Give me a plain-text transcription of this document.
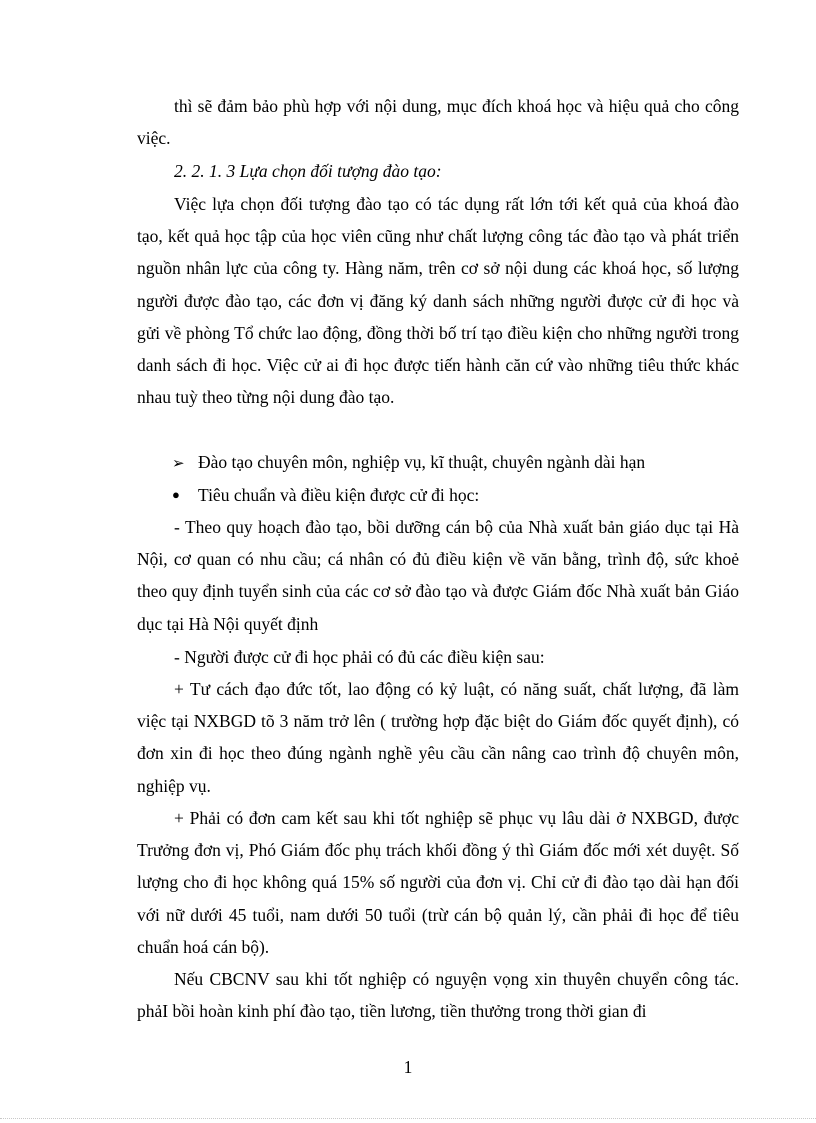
thì sẽ đảm bảo phù hợp với nội dung, mục đích khoá học và hiệu quả cho công việc.

2. 2. 1. 3 Lựa chọn đối tượng đào tạo:

Việc lựa chọn đối tượng đào tạo có tác dụng rất lớn tới kết quả của khoá đào tạo, kết quả học tập của học viên cũng như chất lượng công tác đào tạo và phát triển nguồn nhân lực của công ty. Hàng năm, trên cơ sở nội dung các khoá học, số lượng người được đào tạo, các đơn vị đăng ký danh sách những người được cử đi học và gửi về phòng Tổ chức lao động, đồng thời bố trí tạo điều kiện cho những người trong danh sách đi học. Việc cử ai đi học được tiến hành căn cứ vào những tiêu thức khác nhau tuỳ theo từng nội dung đào tạo.

➢ Đào tạo chuyên môn, nghiệp vụ, kĩ thuật, chuyên ngành dài hạn
● Tiêu chuẩn và điều kiện được cử đi học:

- Theo quy hoạch đào tạo, bồi dưỡng cán bộ của Nhà xuất bản giáo dục tại Hà Nội, cơ quan có nhu cầu; cá nhân có đủ điều kiện về văn bằng, trình độ, sức khoẻ theo quy định tuyển sinh của các cơ sở đào tạo và được Giám đốc Nhà xuất bản Giáo dục tại Hà Nội quyết định

- Người được cử đi học phải có đủ các điều kiện sau:

+ Tư cách đạo đức tốt, lao động có kỷ luật, có năng suất, chất lượng, đã làm việc tại NXBGD tõ 3 năm trở lên ( trường hợp đặc biệt do Giám đốc quyết định), có đơn xin đi học theo đúng ngành nghề yêu cầu cần nâng cao trình độ chuyên môn, nghiệp vụ.

+ Phải có đơn cam kết sau khi tốt nghiệp sẽ phục vụ lâu dài ở NXBGD, được Trưởng đơn vị, Phó Giám đốc phụ trách khối đồng ý thì Giám đốc mới xét duyệt. Số lượng cho đi học không quá 15% số người của đơn vị. Chỉ cử đi đào tạo dài hạn đối với nữ dưới 45 tuổi, nam dưới 50 tuổi (trừ cán bộ quản lý, cần phải đi học để tiêu chuẩn hoá cán bộ).

Nếu CBCNV sau khi tốt nghiệp có nguyện vọng xin thuyên chuyển công tác. phảI bồi hoàn kinh phí đào tạo, tiền lương, tiền thưởng trong thời gian đi

1
